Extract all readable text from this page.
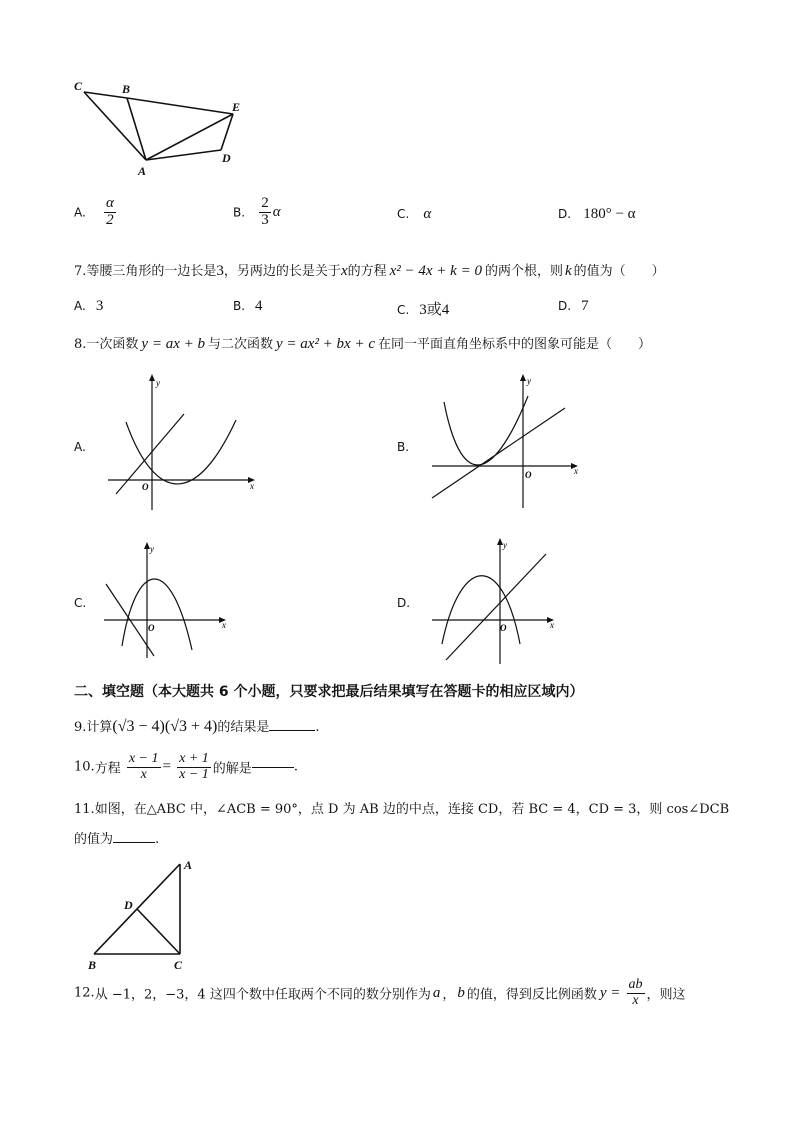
C	B
E
D
A
A. $\frac{\alpha}{2}$	B. $\frac{2}{3}$ α	C. α	D. 180° − α
7.等腰三角形的一边长是3，另两边的长是关于x的方程 x² − 4x + k = 0 的两个根，则 k 的值为（　　）
A. 3	B. 4	C. 3或4	D. 7
8.一次函数 y = ax + b 与二次函数 y = ax² + bx + c 在同一平面直角坐标系中的图象可能是（　　）
A.
y
x
O
B.
y
x
O
C.
y
x
O
D.
y
x
O
二、填空题（本大题共 6 个小题，只要求把最后结果填写在答题卡的相应区域内）
9.计算(√3 − 4)(√3 + 4)的结果是	.
10.方程 $\frac{x - 1}{x} = \frac{x + 1}{x - 1}$ 的解是	.
11.如图，在△ABC 中，∠ACB = 90°，点 D 为 AB 边的中点，连接 CD，若 BC = 4，CD = 3，则 cos∠DCB
的值为	.
A
D
B	C
12.从 −1，2，−3，4 这四个数中任取两个不同的数分别作为 a ， b 的值，得到反比例函数 $y = \frac{ab}{x}$ ，则这
